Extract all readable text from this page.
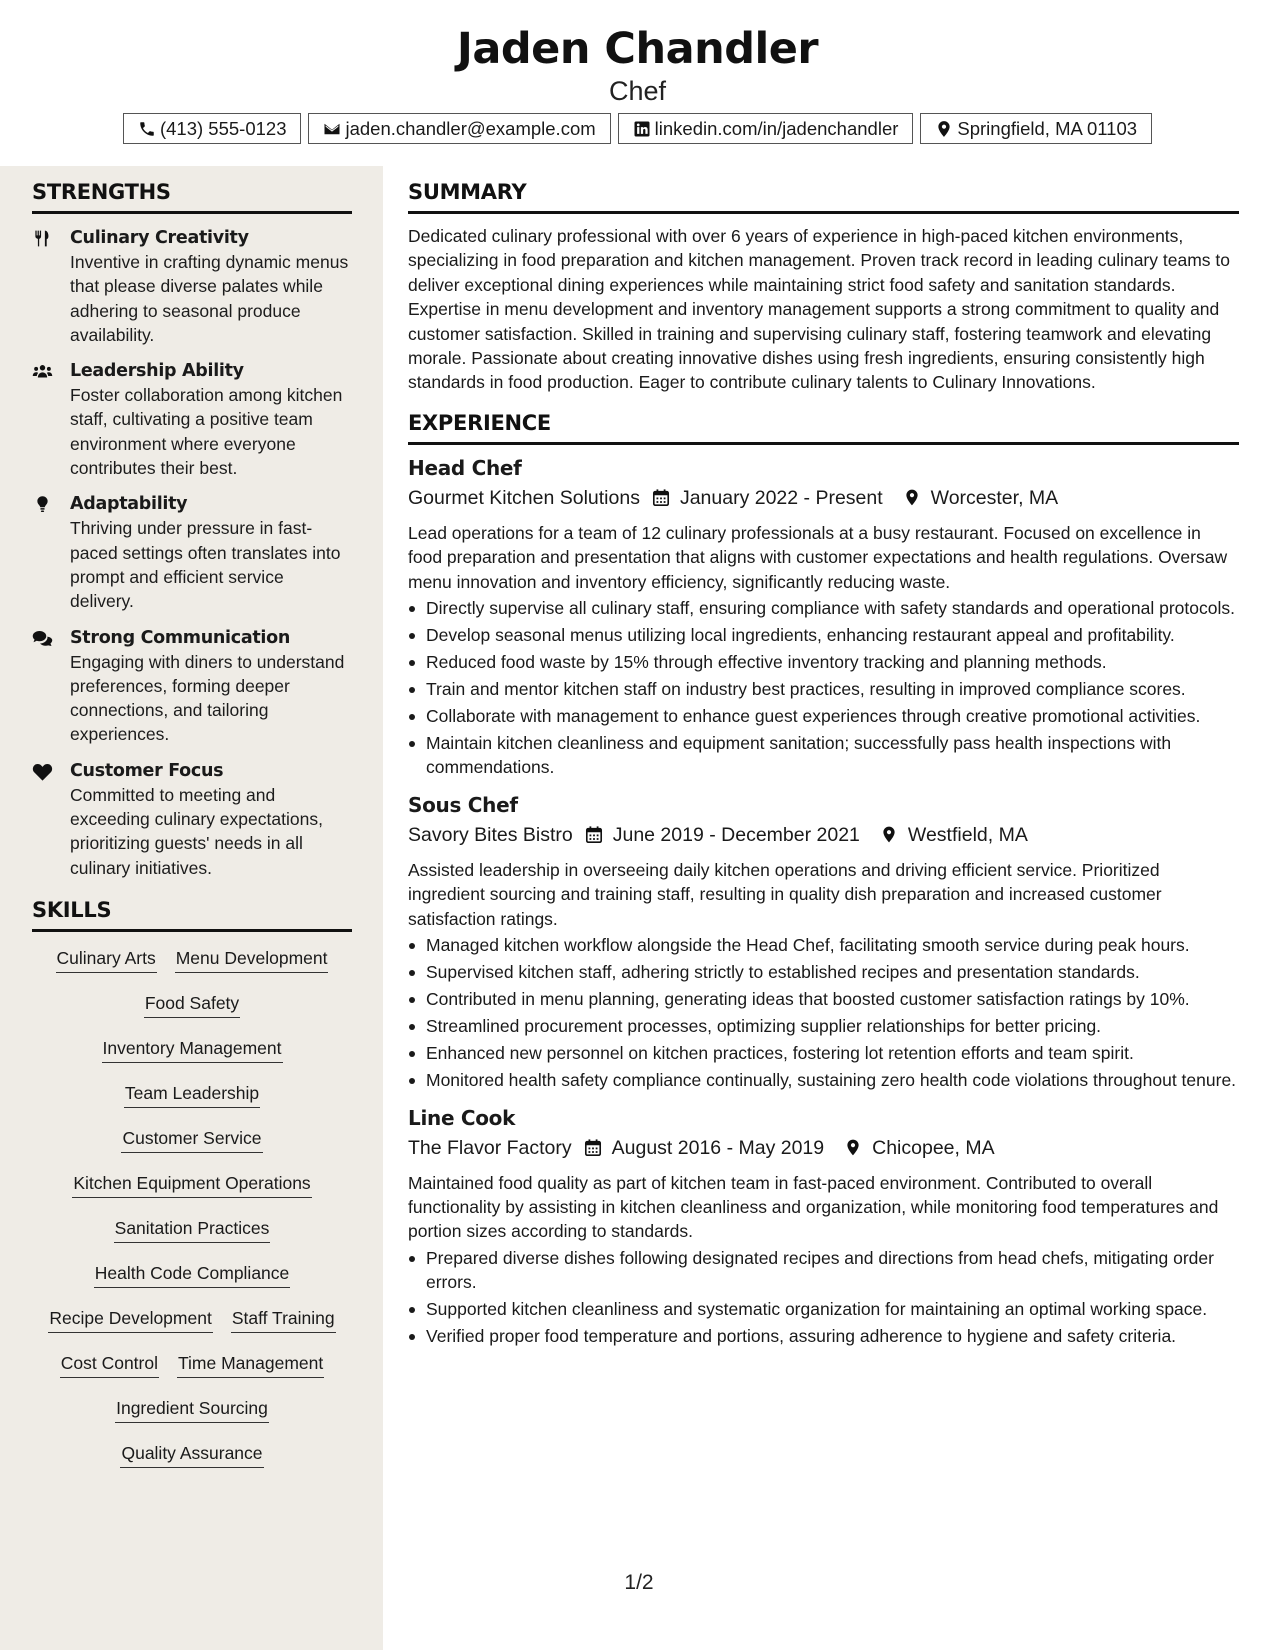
Jaden Chandler
Chef
(413) 555-0123	jaden.chandler@example.com	linkedin.com/in/jadenchandler	Springfield, MA 01103
STRENGTHS
Culinary Creativity
Inventive in crafting dynamic menus that please diverse palates while adhering to seasonal produce availability.
Leadership Ability
Foster collaboration among kitchen staff, cultivating a positive team environment where everyone contributes their best.
Adaptability
Thriving under pressure in fast-paced settings often translates into prompt and efficient service delivery.
Strong Communication
Engaging with diners to understand preferences, forming deeper connections, and tailoring experiences.
Customer Focus
Committed to meeting and exceeding culinary expectations, prioritizing guests' needs in all culinary initiatives.
SKILLS
Culinary Arts Menu Development
Food Safety
Inventory Management
Team Leadership
Customer Service
Kitchen Equipment Operations
Sanitation Practices
Health Code Compliance
Recipe Development Staff Training
Cost Control Time Management
Ingredient Sourcing
Quality Assurance
SUMMARY
Dedicated culinary professional with over 6 years of experience in high-paced kitchen environments, specializing in food preparation and kitchen management. Proven track record in leading culinary teams to deliver exceptional dining experiences while maintaining strict food safety and sanitation standards. Expertise in menu development and inventory management supports a strong commitment to quality and customer satisfaction. Skilled in training and supervising culinary staff, fostering teamwork and elevating morale. Passionate about creating innovative dishes using fresh ingredients, ensuring consistently high standards in food production. Eager to contribute culinary talents to Culinary Innovations.
EXPERIENCE
Head Chef
Gourmet Kitchen Solutions January 2022 - Present Worcester, MA
Lead operations for a team of 12 culinary professionals at a busy restaurant. Focused on excellence in food preparation and presentation that aligns with customer expectations and health regulations. Oversaw menu innovation and inventory efficiency, significantly reducing waste.
Directly supervise all culinary staff, ensuring compliance with safety standards and operational protocols.
Develop seasonal menus utilizing local ingredients, enhancing restaurant appeal and profitability.
Reduced food waste by 15% through effective inventory tracking and planning methods.
Train and mentor kitchen staff on industry best practices, resulting in improved compliance scores.
Collaborate with management to enhance guest experiences through creative promotional activities.
Maintain kitchen cleanliness and equipment sanitation; successfully pass health inspections with commendations.
Sous Chef
Savory Bites Bistro June 2019 - December 2021 Westfield, MA
Assisted leadership in overseeing daily kitchen operations and driving efficient service. Prioritized ingredient sourcing and training staff, resulting in quality dish preparation and increased customer satisfaction ratings.
Managed kitchen workflow alongside the Head Chef, facilitating smooth service during peak hours.
Supervised kitchen staff, adhering strictly to established recipes and presentation standards.
Contributed in menu planning, generating ideas that boosted customer satisfaction ratings by 10%.
Streamlined procurement processes, optimizing supplier relationships for better pricing.
Enhanced new personnel on kitchen practices, fostering lot retention efforts and team spirit.
Monitored health safety compliance continually, sustaining zero health code violations throughout tenure.
Line Cook
The Flavor Factory August 2016 - May 2019 Chicopee, MA
Maintained food quality as part of kitchen team in fast-paced environment. Contributed to overall functionality by assisting in kitchen cleanliness and organization, while monitoring food temperatures and portion sizes according to standards.
Prepared diverse dishes following designated recipes and directions from head chefs, mitigating order errors.
Supported kitchen cleanliness and systematic organization for maintaining an optimal working space.
Verified proper food temperature and portions, assuring adherence to hygiene and safety criteria.
1/2
